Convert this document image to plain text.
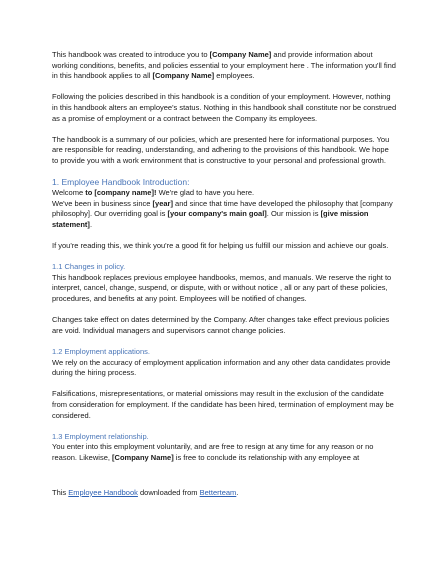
This handbook was created to introduce you to [Company Name] and provide information about working conditions, benefits, and policies essential to your employment here . The information you'll find in this handbook applies to all [Company Name] employees.

Following the policies described in this handbook is a condition of your employment. However, nothing in this handbook alters an employee's status. Nothing in this handbook shall constitute nor be construed as a promise of employment or a contract between the Company its employees.

The handbook is a summary of our policies, which are presented here for informational purposes. You are responsible for reading, understanding, and adhering to the provisions of this handbook. We hope to provide you with a work environment that is constructive to your personal and professional growth.

1. Employee Handbook Introduction:

Welcome to [company name]! We're glad to have you here.

We've been in business since [year] and since that time have developed the philosophy that [company philosophy]. Our overriding goal is [your company's main goal]. Our mission is [give mission statement].

If you're reading this, we think you're a good fit for helping us fulfill our mission and achieve our goals.

1.1 Changes in policy.

This handbook replaces previous employee handbooks, memos, and manuals. We reserve the right to interpret, cancel, change, suspend, or dispute, with or without notice , all or any part of these policies, procedures, and benefits at any point. Employees will be notified of changes.

Changes take effect on dates determined by the Company. After changes take effect previous policies are void. Individual managers and supervisors cannot change policies.

1.2 Employment applications.

We rely on the accuracy of employment application information and any other data candidates provide during the hiring process.

Falsifications, misrepresentations, or material omissions may result in the exclusion of the candidate from consideration for employment. If the candidate has been hired, termination of employment may be considered.

1.3 Employment relationship.

You enter into this employment voluntarily, and are free to resign at any time for any reason or no reason. Likewise, [Company Name] is free to conclude its relationship with any employee at

This Employee Handbook downloaded from Betterteam.
